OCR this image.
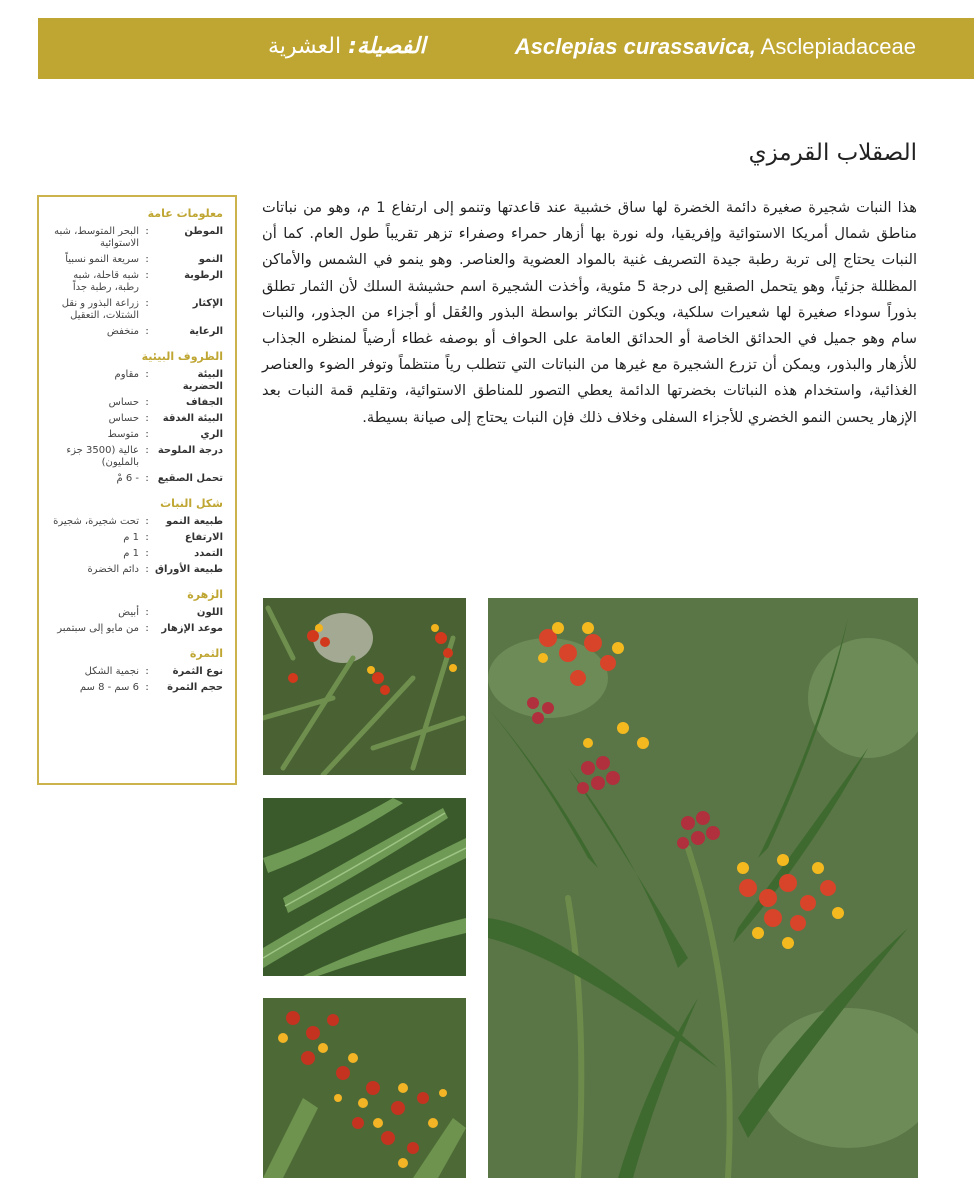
Asclepias curassavica, Asclepiadaceae
الفصيلة: العشرية
الصقلاب القرمزي
هذا النبات شجيرة صغيرة دائمة الخضرة لها ساق خشبية عند قاعدتها وتنمو إلى ارتفاع 1 م، وهو من نباتات مناطق شمال أمريكا الاستوائية وإفريقيا، وله نورة بها أزهار حمراء وصفراء تزهر تقريباً طول العام. كما أن النبات يحتاج إلى تربة رطبة جيدة التصريف غنية بالمواد العضوية والعناصر. وهو ينمو في الشمس والأماكن المظللة جزئياً، وهو يتحمل الصقيع إلى درجة 5 مئوية، وأخذت الشجيرة اسم حشيشة السلك لأن الثمار تطلق بذوراً سوداء صغيرة لها شعيرات سلكية، ويكون التكاثر بواسطة البذور والعُقل أو أجزاء من الجذور، والنبات سام وهو جميل في الحدائق الخاصة أو الحدائق العامة على الحواف أو بوصفه غطاء أرضياً لمنظره الجذاب للأزهار والبذور، ويمكن أن تزرع الشجيرة مع غيرها من النباتات التي تتطلب رياً منتظماً وتوفر الضوء والعناصر الغذائية، واستخدام هذه النباتات بخضرتها الدائمة يعطي التصور للمناطق الاستوائية، وتقليم قمة النبات بعد الإزهار يحسن النمو الخضري للأجزاء السفلى وخلاف ذلك فإن النبات يحتاج إلى صيانة بسيطة.
معلومات عامة
الموطن
:
البحر المتوسط، شبه الاستوائية
النمو
:
سريعة النمو نسبياً
الرطوبة
:
شبه قاحلة، شبه رطبة، رطبة جداً
الإكثار
:
زراعة البذور و نقل الشتلات، التعقيل
الرعاية
:
منخفض
الظروف البيئية
البيئة الحضرية
:
مقاوم
الجفاف
:
حساس
البيئة الغدقة
:
حساس
الري
:
متوسط
درجة الملوحة
:
عالية (3500 جزء بالمليون)
تحمل الصقيع
:
- 6 مْ
شكل النبات
طبيعة النمو
:
تحت شجيرة، شجيرة
الارتفاع
:
1 م
التمدد
:
1 م
طبيعة الأوراق
:
دائم الخضرة
الزهرة
اللون
:
أبيض
موعد الإزهار
:
من مايو إلى سبتمبر
الثمرة
نوع الثمرة
:
نجمية الشكل
حجم الثمرة
:
6 سم - 8 سم
